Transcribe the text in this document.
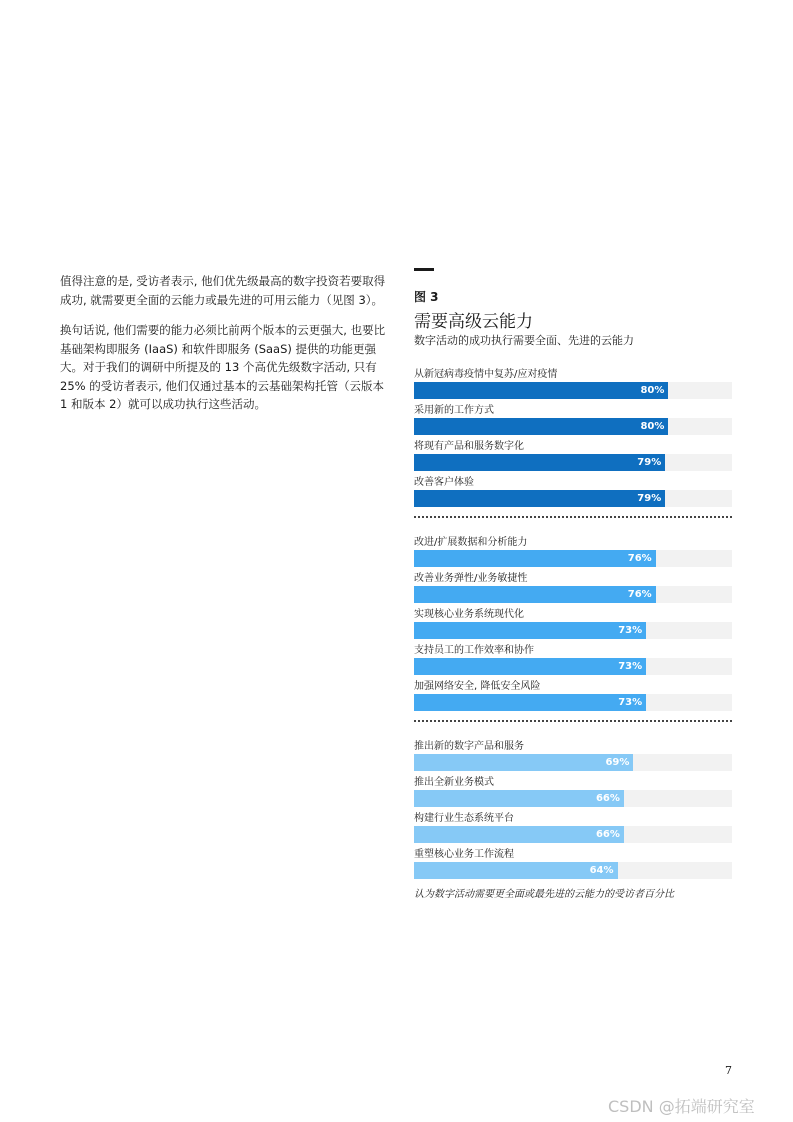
值得注意的是, 受访者表示, 他们优先级最高的数字投资若要取得成功, 就需要更全面的云能力或最先进的可用云能力（见图 3）。

换句话说, 他们需要的能力必须比前两个版本的云更强大, 也要比基础架构即服务 (IaaS) 和软件即服务 (SaaS) 提供的功能更强大。对于我们的调研中所提及的 13 个高优先级数字活动, 只有 25% 的受访者表示, 他们仅通过基本的云基础架构托管（云版本 1 和版本 2）就可以成功执行这些活动。

图 3
需要高级云能力
数字活动的成功执行需要全面、先进的云能力
从新冠病毒疫情中复苏/应对疫情
80%
采用新的工作方式
80%
将现有产品和服务数字化
79%
改善客户体验
79%
改进/扩展数据和分析能力
76%
改善业务弹性/业务敏捷性
76%
实现核心业务系统现代化
73%
支持员工的工作效率和协作
73%
加强网络安全, 降低安全风险
73%
推出新的数字产品和服务
69%
推出全新业务模式
66%
构建行业生态系统平台
66%
重塑核心业务工作流程
64%
认为数字活动需要更全面或最先进的云能力的受访者百分比
7
CSDN @拓端研究室
